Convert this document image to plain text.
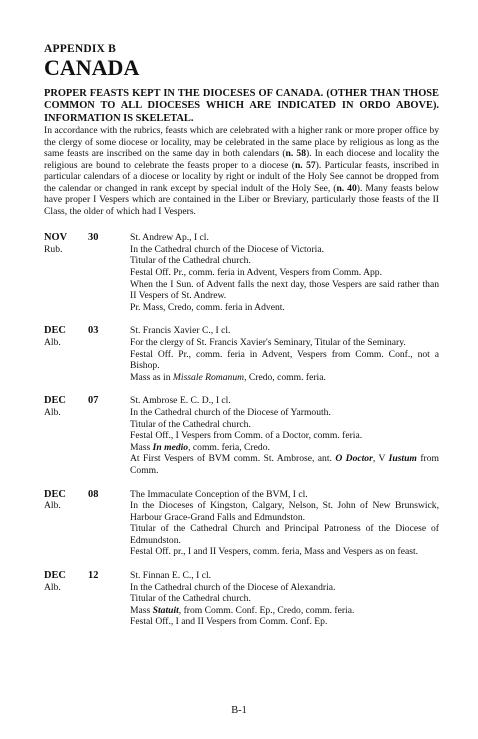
APPENDIX B
CANADA
PROPER FEASTS KEPT IN THE DIOCESES OF CANADA. (OTHER THAN THOSE COMMON TO ALL DIOCESES WHICH ARE INDICATED IN ORDO ABOVE). INFORMATION IS SKELETAL.
In accordance with the rubrics, feasts which are celebrated with a higher rank or more proper office by the clergy of some diocese or locality, may be celebrated in the same place by religious as long as the same feasts are inscribed on the same day in both calendars (n. 58). In each diocese and locality the religious are bound to celebrate the feasts proper to a diocese (n. 57). Particular feasts, inscribed in particular calendars of a diocese or locality by right or indult of the Holy See cannot be dropped from the calendar or changed in rank except by special indult of the Holy See, (n. 40). Many feasts below have proper I Vespers which are contained in the Liber or Breviary, particularly those feasts of the II Class, the older of which had I Vespers.
NOV 30
Rub.
St. Andrew Ap., I cl.
In the Cathedral church of the Diocese of Victoria.
Titular of the Cathedral church.
Festal Off. Pr., comm. feria in Advent, Vespers from Comm. App.
When the I Sun. of Advent falls the next day, those Vespers are said rather than II Vespers of St. Andrew.
Pr. Mass, Credo, comm. feria in Advent.
DEC 03
Alb.
St. Francis Xavier C., I cl.
For the clergy of St. Francis Xavier's Seminary, Titular of the Seminary.
Festal Off. Pr., comm. feria in Advent, Vespers from Comm. Conf., not a Bishop.
Mass as in Missale Romanum, Credo, comm. feria.
DEC 07
Alb.
St. Ambrose E. C. D., I cl.
In the Cathedral church of the Diocese of Yarmouth.
Titular of the Cathedral church.
Festal Off., I Vespers from Comm. of a Doctor, comm. feria.
Mass In medio, comm. feria, Credo.
At First Vespers of BVM comm. St. Ambrose, ant. O Doctor, V Iustum from Comm.
DEC 08
Alb.
The Immaculate Conception of the BVM, I cl.
In the Dioceses of Kingston, Calgary, Nelson, St. John of New Brunswick, Harbour Grace-Grand Falls and Edmundston.
Titular of the Cathedral Church and Principal Patroness of the Diocese of Edmundston.
Festal Off. pr., I and II Vespers, comm. feria, Mass and Vespers as on feast.
DEC 12
Alb.
St. Finnan E. C., I cl.
In the Cathedral church of the Diocese of Alexandria.
Titular of the Cathedral church.
Mass Statuit, from Comm. Conf. Ep., Credo, comm. feria.
Festal Off., I and II Vespers from Comm. Conf. Ep.
B-1
